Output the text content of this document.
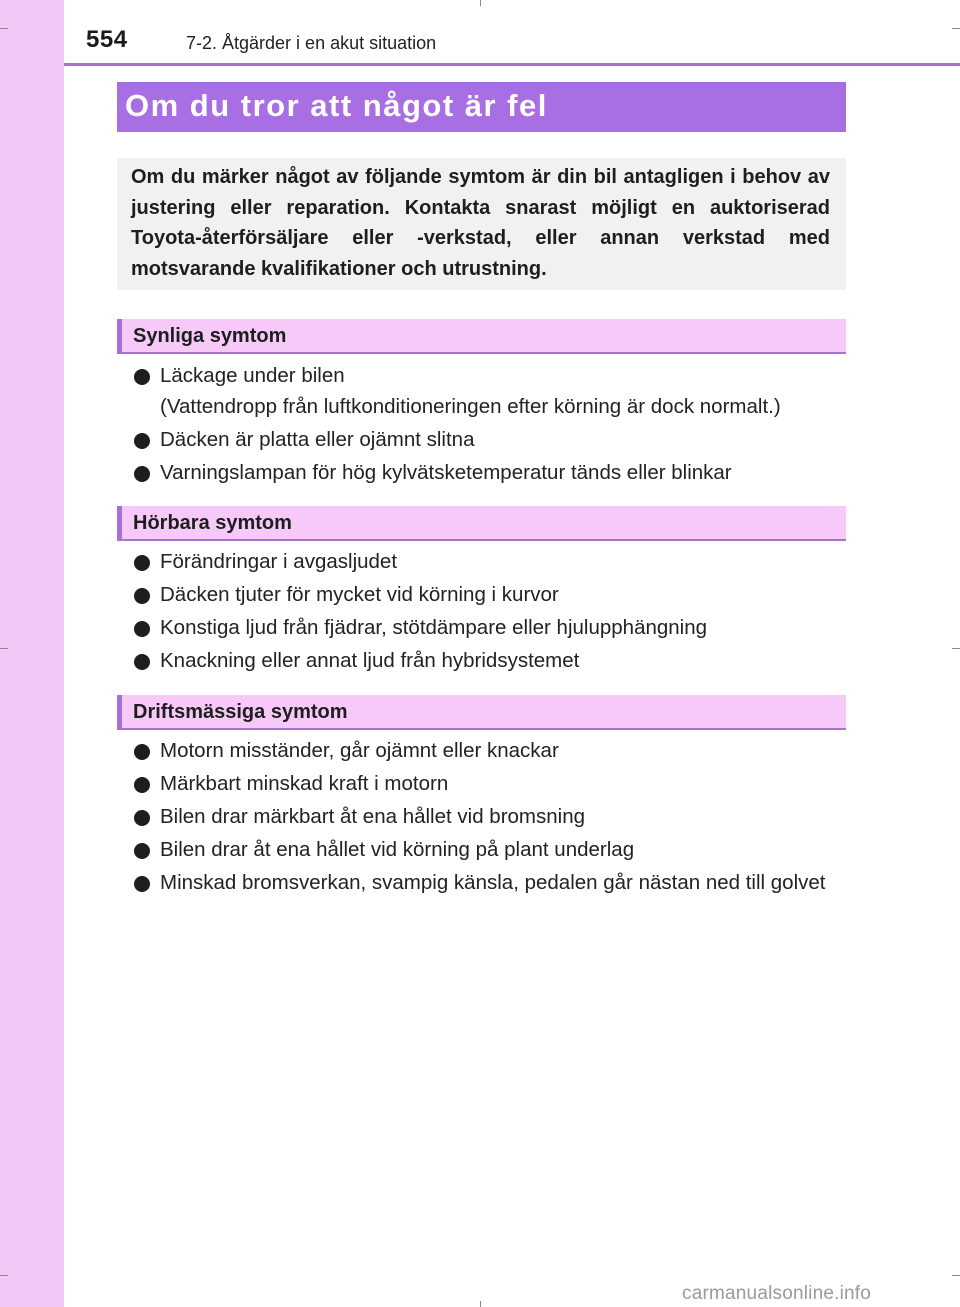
554	7-2. Åtgärder i en akut situation
Om du tror att något är fel

Om du märker något av följande symtom är din bil antagligen i behov av justering eller reparation. Kontakta snarast möjligt en auktoriserad Toyota-återförsäljare eller -verkstad, eller annan verkstad med motsvarande kvalifikationer och utrustning.

Synliga symtom
Läckage under bilen
(Vattendropp från luftkonditioneringen efter körning är dock normalt.)
Däcken är platta eller ojämnt slitna
Varningslampan för hög kylvätsketemperatur tänds eller blinkar
Hörbara symtom
Förändringar i avgasljudet
Däcken tjuter för mycket vid körning i kurvor
Konstiga ljud från fjädrar, stötdämpare eller hjulupphängning
Knackning eller annat ljud från hybridsystemet
Driftsmässiga symtom
Motorn misständer, går ojämnt eller knackar
Märkbart minskad kraft i motorn
Bilen drar märkbart åt ena hållet vid bromsning
Bilen drar åt ena hållet vid körning på plant underlag
Minskad bromsverkan, svampig känsla, pedalen går nästan ned till golvet
carmanualsonline.info
